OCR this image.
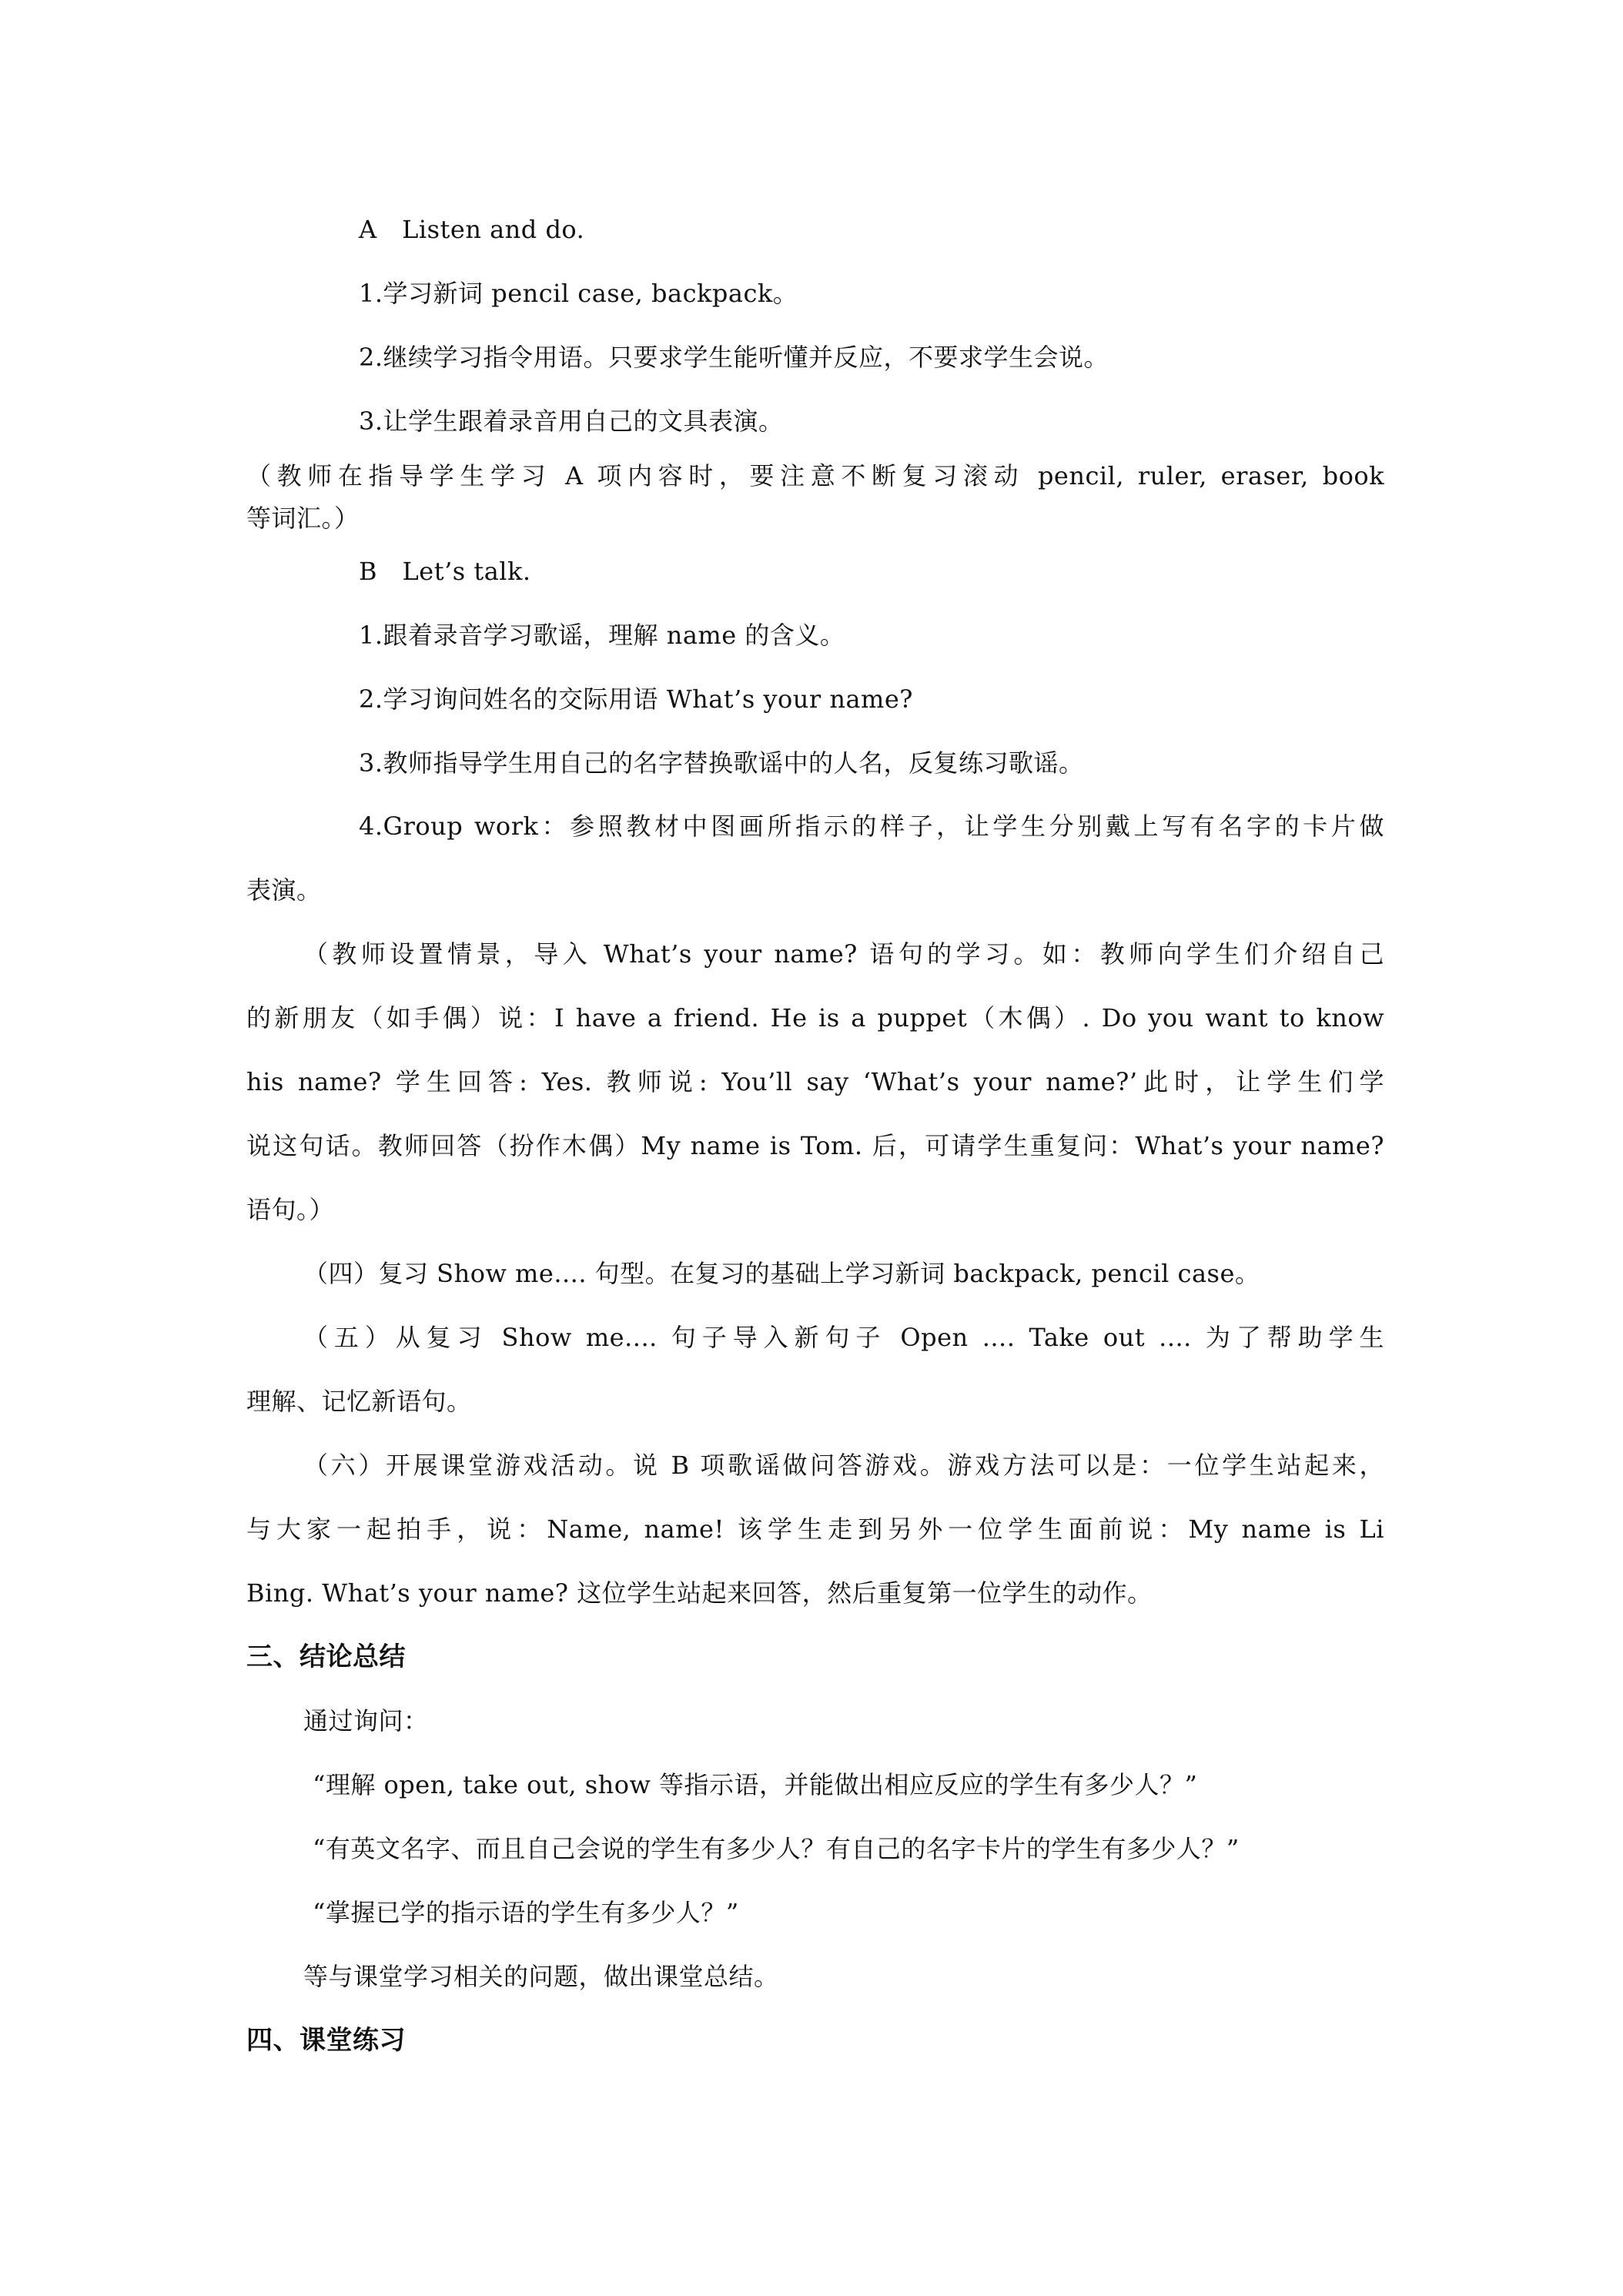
A　Listen and do.
1.学习新词 pencil case, backpack。
2.继续学习指令用语。只要求学生能听懂并反应，不要求学生会说。
3.让学生跟着录音用自己的文具表演。
（教师在指导学生学习 A 项内容时，要注意不断复习滚动 pencil, ruler, eraser, book
等词汇。）
B　Let’s talk.
1.跟着录音学习歌谣，理解 name 的含义。
2.学习询问姓名的交际用语 What’s your name?
3.教师指导学生用自己的名字替换歌谣中的人名，反复练习歌谣。
4.Group work：参照教材中图画所指示的样子，让学生分别戴上写有名字的卡片做
表演。
（教师设置情景，导入 What’s your name? 语句的学习。如：教师向学生们介绍自己
的新朋友（如手偶）说：I have a friend. He is a puppet（木偶）. Do you want to know
his name? 学生回答: Yes. 教师说: You’ll say ‘What’s your name?’此时，让学生们学
说这句话。教师回答（扮作木偶）My name is Tom. 后，可请学生重复问：What’s your name?
语句。）
（四）复习 Show me.... 句型。在复习的基础上学习新词 backpack, pencil case。
（五）从复习 Show me.... 句子导入新句子 Open .... Take out .... 为了帮助学生
理解、记忆新语句。
（六）开展课堂游戏活动。说 B 项歌谣做问答游戏。游戏方法可以是：一位学生站起来，
与大家一起拍手，说：Name, name! 该学生走到另外一位学生面前说：My name is Li
Bing. What’s your name? 这位学生站起来回答，然后重复第一位学生的动作。
三、结论总结
通过询问：
“理解 open, take out, show 等指示语，并能做出相应反应的学生有多少人？”
“有英文名字、而且自己会说的学生有多少人？有自己的名字卡片的学生有多少人？”
“掌握已学的指示语的学生有多少人？”
等与课堂学习相关的问题，做出课堂总结。
四、课堂练习
